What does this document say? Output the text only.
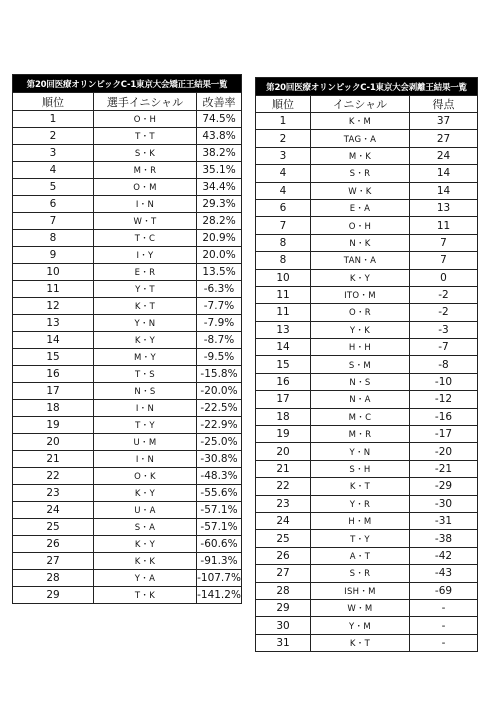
第20回医療オリンピックC-1東京大会矯正王結果一覧		
順位	選手イニシャル	改善率
1	O・H	74.5%
2	T・T	43.8%
3	S・K	38.2%
4	M・R	35.1%
5	O・M	34.4%
6	I・N	29.3%
7	W・T	28.2%
8	T・C	20.9%
9	I・Y	20.0%
10	E・R	13.5%
11	Y・T	-6.3%
12	K・T	-7.7%
13	Y・N	-7.9%
14	K・Y	-8.7%
15	M・Y	-9.5%
16	T・S	-15.8%
17	N・S	-20.0%
18	I・N	-22.5%
19	T・Y	-22.9%
20	U・M	-25.0%
21	I・N	-30.8%
22	O・K	-48.3%
23	K・Y	-55.6%
24	U・A	-57.1%
25	S・A	-57.1%
26	K・Y	-60.6%
27	K・K	-91.3%
28	Y・A	-107.7%
29	T・K	-141.2%
第20回医療オリンピックC-1東京大会剥離王結果一覧		
順位	イニシャル	得点
1	K・M	37
2	TAG・A	27
3	M・K	24
4	S・R	14
4	W・K	14
6	E・A	13
7	O・H	11
8	N・K	7
8	TAN・A	7
10	K・Y	0
11	ITO・M	-2
11	O・R	-2
13	Y・K	-3
14	H・H	-7
15	S・M	-8
16	N・S	-10
17	N・A	-12
18	M・C	-16
19	M・R	-17
20	Y・N	-20
21	S・H	-21
22	K・T	-29
23	Y・R	-30
24	H・M	-31
25	T・Y	-38
26	A・T	-42
27	S・R	-43
28	ISH・M	-69
29	W・M	-
30	Y・M	-
31	K・T	-
